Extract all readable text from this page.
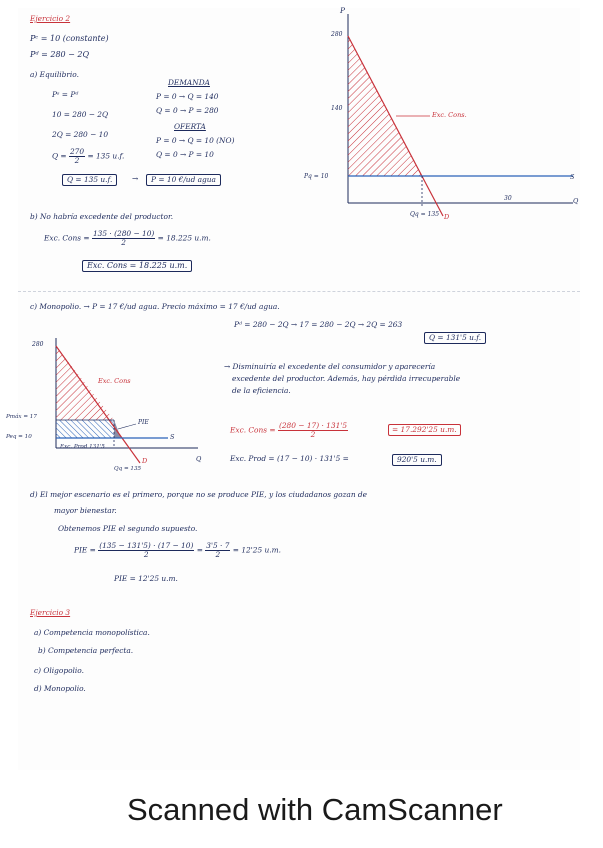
Ejercicio 2
Pᶜ = 10 (constante)
Pᵈ = 280 − 2Q
a) Equilibrio.
Pˢ = Pᵈ
10 = 280 − 2Q
2Q = 280 − 10
$Q = \frac{270}{2} = 135$ u.f.
Q = 135 u.f.	→	P = 10 €/ud agua
DEMANDA
P = 0 → Q = 140
Q = 0 → P = 280
OFERTA
P = 0 → Q = 10 (NO)
Q = 0 → P = 10
b) No habría excedente del productor.
Exc. Cons = $\frac{135 \cdot (280 - 10)}{2} = 18.225$ u.m.
Exc. Cons = 18.225 u.m.
P
280
140
Pq = 10
Exc. Cons.
S
30	Q
Qq = 135 D
c) Monopolio. → P = 17 €/ud agua. Precio máximo = 17 €/ud agua.
Pᵈ = 280 − 2Q → 17 = 280 − 2Q → 2Q = 263
Q = 131'5 u.f.
→ Disminuiría el excedente del consumidor y aparecería
excedente del productor. Además, hay pérdida irrecuperable
de la eficiencia.
Exc. Cons = $\frac{(280 - 17) \cdot 131'5}{2}$	= 17.292'25 u.m.
Exc. Prod = (17 − 10) · 131'5 =	920'5 u.m.
280
Exc. Cons
Pmáx = 17
Peq = 10
PIE
S
Exc. Prod 131'5
Q
D
Qq = 135
d) El mejor escenario es el primero, porque no se produce PIE, y los ciudadanos gozan de
mayor bienestar.
Obtenemos PIE el segundo supuesto.
PIE = $\frac{(135 - 131'5) \cdot (17 - 10)}{2} = \frac{3'5 \cdot 7}{2} = 12'25$ u.m.
PIE = 12'25 u.m.
Ejercicio 3
a) Competencia monopolística.
b) Competencia perfecta.
c) Oligopolio.
d) Monopolio.
Scanned with CamScanner
